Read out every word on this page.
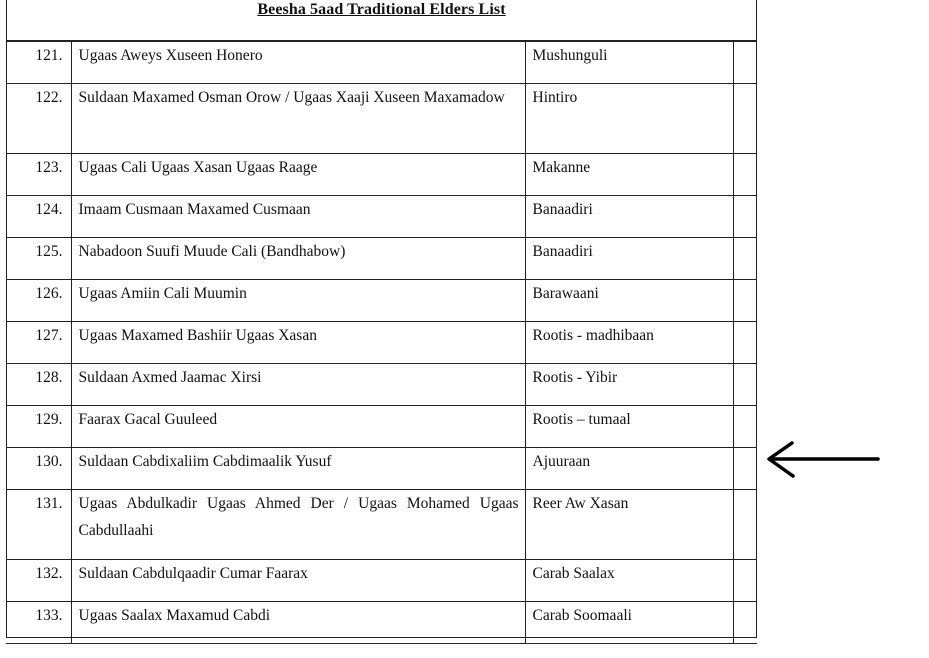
Beesha 5aad Traditional Elders List
121.	Ugaas Aweys Xuseen Honero	Mushunguli	
122.	Suldaan Maxamed Osman Orow / Ugaas Xaaji Xuseen Maxamadow	Hintiro	
123.	Ugaas Cali Ugaas Xasan Ugaas Raage	Makanne	
124.	Imaam Cusmaan Maxamed Cusmaan	Banaadiri	
125.	Nabadoon Suufi Muude Cali (Bandhabow)	Banaadiri	
126.	Ugaas Amiin Cali Muumin	Barawaani	
127.	Ugaas Maxamed Bashiir Ugaas Xasan	Rootis - madhibaan	
128.	Suldaan Axmed Jaamac Xirsi	Rootis - Yibir	
129.	Faarax Gacal Guuleed	Rootis – tumaal	
130.	Suldaan Cabdixaliim Cabdimaalik Yusuf	Ajuuraan	
131.	Ugaas Abdulkadir Ugaas Ahmed Der / Ugaas Mohamed Ugaas Cabdullaahi	Reer Aw Xasan	
132.	Suldaan Cabdulqaadir Cumar Faarax	Carab Saalax	
133.	Ugaas Saalax Maxamud Cabdi	Carab Soomaali	
